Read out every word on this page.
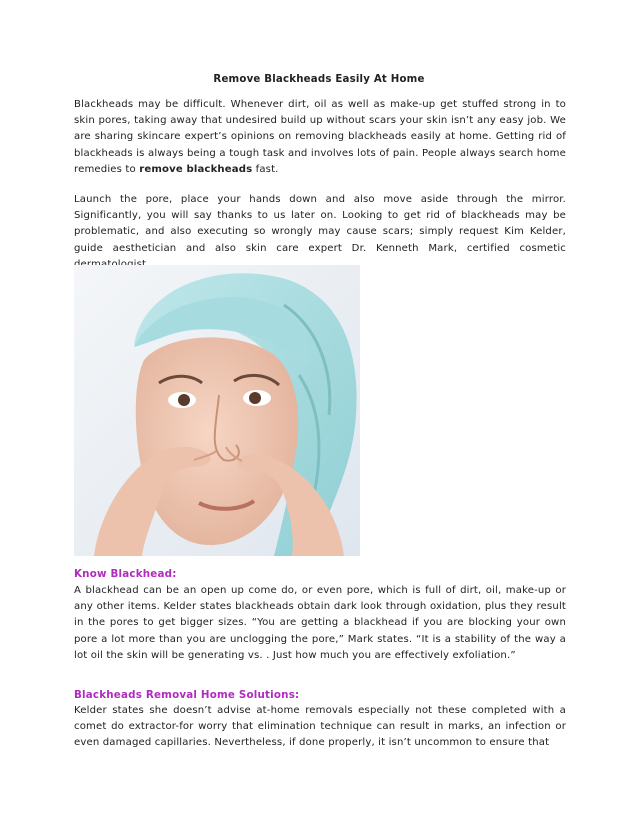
Remove Blackheads Easily At Home
Blackheads may be difficult. Whenever dirt, oil as well as make-up get stuffed strong in to skin pores, taking away that undesired build up without scars your skin isn’t any easy job. We are sharing skincare expert’s opinions on removing blackheads easily at home. Getting rid of blackheads is always being a tough task and involves lots of pain. People always search home remedies to remove blackheads fast.
Launch the pore, place your hands down and also move aside through the mirror. Significantly, you will say thanks to us later on. Looking to get rid of blackheads may be problematic, and also executing so wrongly may cause scars; simply request Kim Kelder, guide aesthetician and also skin care expert Dr. Kenneth Mark, certified cosmetic
Know Blackhead:
A blackhead can be an open up come do, or even pore, which is full of dirt, oil, make-up or any other items. Kelder states blackheads obtain dark look through oxidation, plus they result in the pores to get bigger sizes. “You are getting a blackhead if you are blocking your own pore a lot more than you are unclogging the pore,” Mark states. “It is a stability of the way a lot oil the skin will be generating vs. . Just how much you are effectively exfoliation.”
Blackheads Removal Home Solutions:
Kelder states she doesn’t advise at-home removals especially not these completed with a comet do extractor-for worry that elimination technique can result in marks, an infection or even damaged capillaries. Nevertheless, if done properly, it isn’t uncommon to ensure that
